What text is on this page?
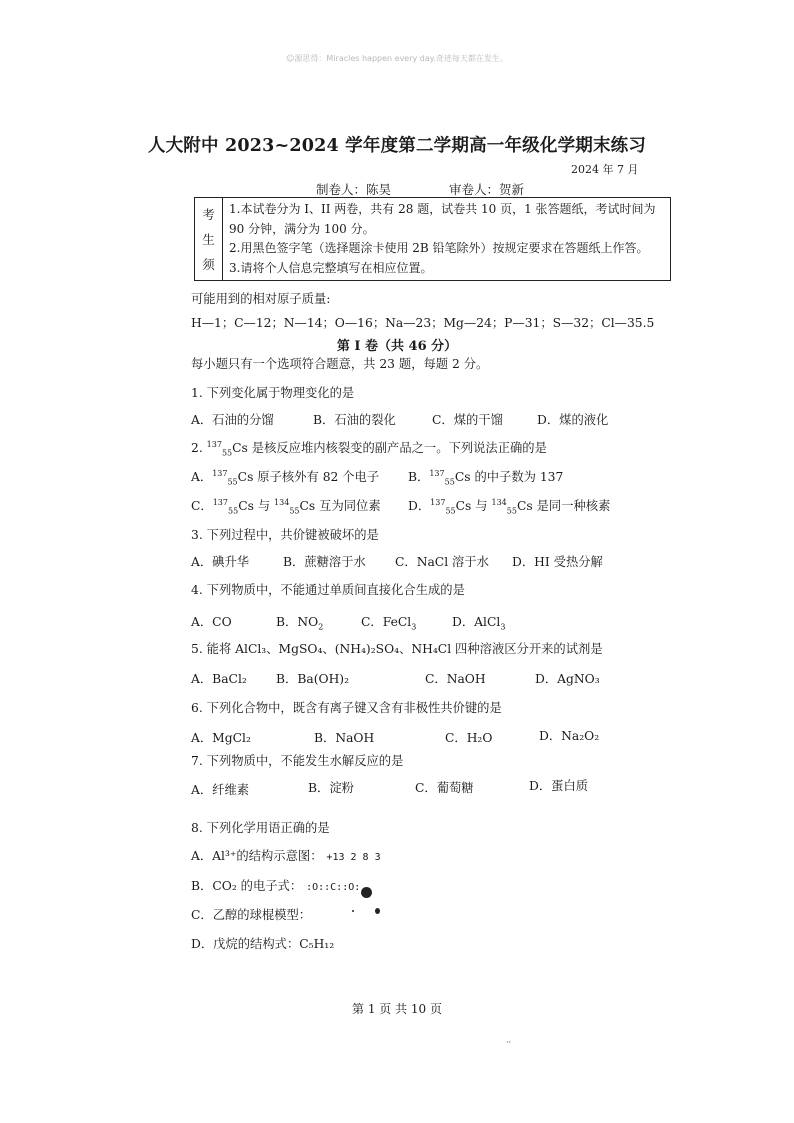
☺源思得：Miracles happen every day.奇迹每天都在发生。
人大附中 2023~2024 学年度第二学期高一年级化学期末练习
2024 年 7 月
制卷人：陈昊	审卷人：贺新
考
生
须
1.本试卷分为 I、II 两卷，共有 28 题，试卷共 10 页，1 张答题纸，考试时间为 90 分钟，满分为 100 分。
2.用黑色签字笔（选择题涂卡使用 2B 铅笔除外）按规定要求在答题纸上作答。
3.请将个人信息完整填写在相应位置。
可能用到的相对原子质量:
H—1；C—12；N—14；O—16；Na—23；Mg—24；P—31；S—32；Cl—35.5
第 I 卷（共 46 分）
每小题只有一个选项符合题意，共 23 题，每题 2 分。
1. 下列变化属于物理变化的是
A．石油的分馏	B．石油的裂化	C．煤的干馏	D．煤的液化
2. $^{137}_{55}$Cs 是核反应堆内核裂变的副产品之一。下列说法正确的是
A．$^{137}_{55}$Cs 原子核外有 82 个电子 B．$^{137}_{55}$Cs 的中子数为 137
C．$^{137}_{55}$Cs 与 $^{134}_{55}$Cs 互为同位素 D．$^{137}_{55}$Cs 与 $^{134}_{55}$Cs 是同一种核素
3. 下列过程中，共价键被破坏的是
A．碘升华	B．蔗糖溶于水 C．NaCl 溶于水 D．HI 受热分解
4. 下列物质中，不能通过单质间直接化合生成的是
A．CO	B．$NO_2$	C．FeCl$_3$	D．AlCl$_3$
5. 能将 AlCl₃、MgSO₄、(NH₄)₂SO₄、NH₄Cl 四种溶液区分开来的试剂是
A．BaCl₂ B．Ba(OH)₂	C．NaOH	D．AgNO₃
6. 下列化合物中，既含有离子键又含有非极性共价键的是
A．MgCl₂	B．NaOH	C．H₂O	D．Na₂O₂
7. 下列物质中，不能发生水解反应的是
A．纤维素	B．淀粉	C．葡萄糖	D．蛋白质
8. 下列化学用语正确的是
A．Al³⁺的结构示意图： +13 2 8 3
B．CO₂ 的电子式： :O::C::O:
C．乙醇的球棍模型：
D．戊烷的结构式：C₅H₁₂
第 1 页 共 10 页
··
